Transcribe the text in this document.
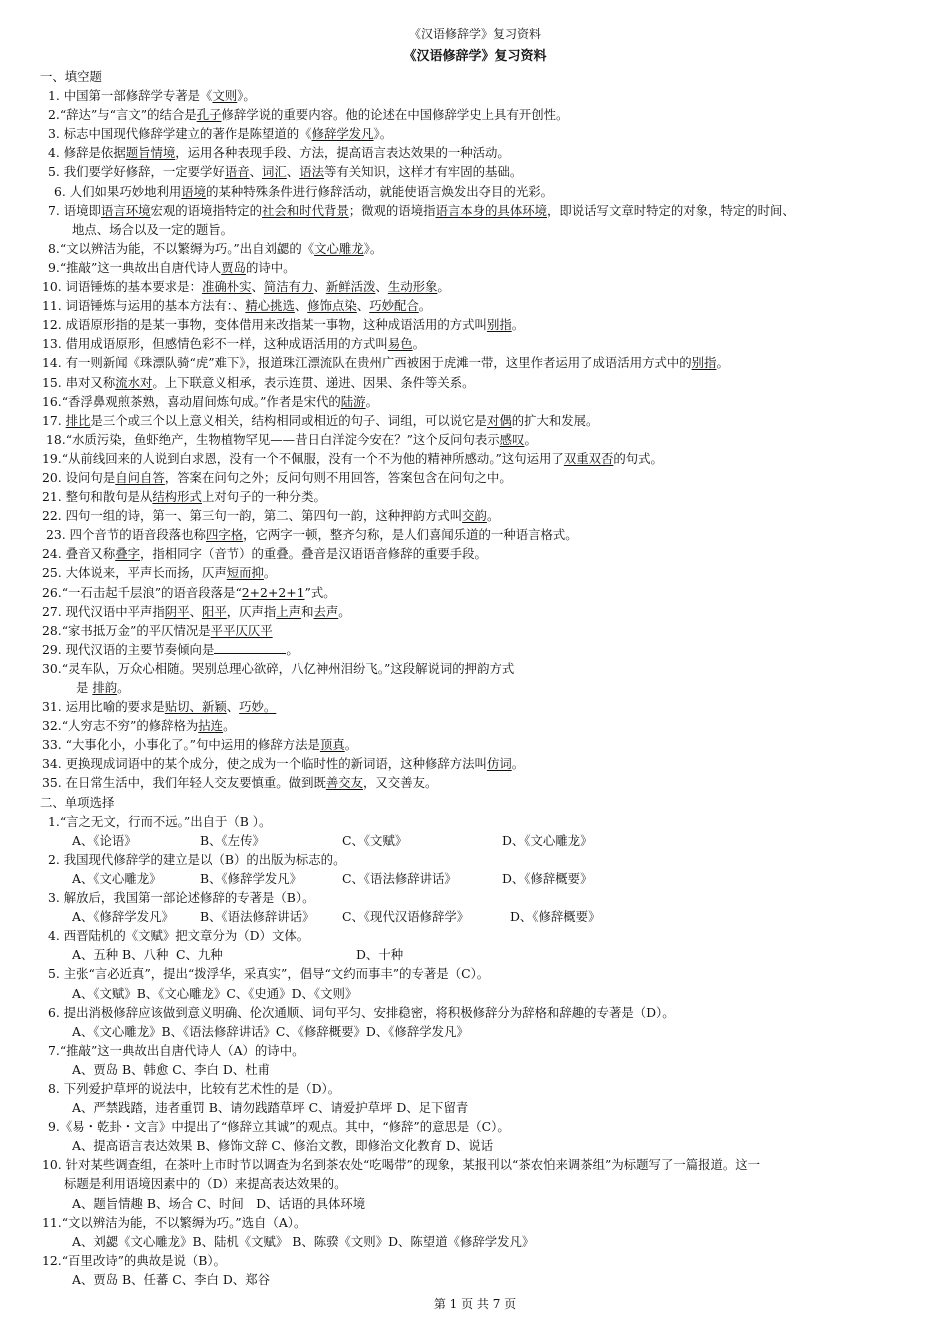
《汉语修辞学》复习资料
《汉语修辞学》复习资料
一、填空题
1. 中国第一部修辞学专著是《文则》。
2.“辞达”与“言文”的结合是孔子修辞学说的重要内容。他的论述在中国修辞学史上具有开创性。
3. 标志中国现代修辞学建立的著作是陈望道的《修辞学发凡》。
4. 修辞是依据题旨情境，运用各种表现手段、方法，提高语言表达效果的一种活动。
5. 我们要学好修辞，一定要学好语音、词汇、语法等有关知识，这样才有牢固的基础。
6. 人们如果巧妙地利用语境的某种特殊条件进行修辞活动，就能使语言焕发出夺目的光彩。
7. 语境即语言环境宏观的语境指特定的社会和时代背景；微观的语境指语言本身的具体环境，即说话写文章时特定的对象，特定的时间、
地点、场合以及一定的题旨。
8.“文以辨洁为能，不以繁缛为巧。”出自刘勰的《文心雕龙》。
9.“推敲”这一典故出自唐代诗人贾岛的诗中。
10. 词语锤炼的基本要求是：准确朴实、简洁有力、新鲜活泼、生动形象。
11. 词语锤炼与运用的基本方法有：、精心挑选、修饰点染、巧妙配合。
12. 成语原形指的是某一事物，变体借用来改指某一事物，这种成语活用的方式叫别指。
13. 借用成语原形，但感情色彩不一样，这种成语活用的方式叫易色。
14. 有一则新闻《珠漂队骑“虎”难下》，报道珠江漂流队在贵州广西被困于虎滩一带，这里作者运用了成语活用方式中的别指。
15. 串对又称流水对。上下联意义相承，表示连贯、递进、因果、条件等关系。
16.“香浮鼻观煎茶熟，喜动眉间炼句成。”作者是宋代的陆游。
17. 排比是三个或三个以上意义相关，结构相同或相近的句子、词组，可以说它是对偶的扩大和发展。
18.“水质污染，鱼虾绝产，生物植物罕见——昔日白洋淀今安在？”这个反问句表示感叹。
19.“从前线回来的人说到白求恩，没有一个不佩服，没有一个不为他的精神所感动。”这句运用了双重双否的句式。
20. 设问句是自问自答，答案在问句之外；反问句则不用回答，答案包含在问句之中。
21. 整句和散句是从结构形式上对句子的一种分类。
22. 四句一组的诗，第一、第三句一韵，第二、第四句一韵，这种押韵方式叫交韵。
23. 四个音节的语音段落也称四字格，它两字一顿，整齐匀称，是人们喜闻乐道的一种语言格式。
24. 叠音又称叠字，指相同字（音节）的重叠。叠音是汉语语音修辞的重要手段。
25. 大体说来，平声长而扬，仄声短而抑。
26.“一石击起千层浪”的语音段落是“2+2+2+1”式。
27. 现代汉语中平声指阴平、阳平，仄声指上声和去声。
28.“家书抵万金”的平仄情况是平平仄仄平
29. 现代汉语的主要节奏倾向是	。
30.“灵车队，万众心相随。哭别总理心欲碎，八亿神州泪纷飞。”这段解说词的押韵方式
是 排韵。
31. 运用比喻的要求是贴切、新颖、巧妙。
32.“人穷志不穷”的修辞格为拈连。
33. “大事化小，小事化了。”句中运用的修辞方法是顶真。
34. 更换现成词语中的某个成分，使之成为一个临时性的新词语，这种修辞方法叫仿词。
35. 在日常生活中，我们年轻人交友要慎重。做到既善交友，又交善友。
二、单项选择
1.“言之无文，行而不远。”出自于（B ）。
A、《论语》	B、《左传》	C、《文赋》	D、《文心雕龙》
2. 我国现代修辞学的建立是以（B）的出版为标志的。
A、《文心雕龙》	B、《修辞学发凡》	C、《语法修辞讲话》	D、《修辞概要》
3. 解放后，我国第一部论述修辞的专著是（B）。
A、《修辞学发凡》 B、《语法修辞讲话》 C、《现代汉语修辞学》	D、《修辞概要》
4. 西晋陆机的《文赋》把文章分为（D）文体。
A、五种 B、八种 C、九种	D、十种
5. 主张“言必近真”，提出“拨浮华，采真实”，倡导“文约而事丰”的专著是（C）。
A、《文赋》B、《文心雕龙》C、《史通》D、《文则》
6. 提出消极修辞应该做到意义明确、伦次通顺、词句平匀、安排稳密，将积极修辞分为辞格和辞趣的专著是（D）。
A、《文心雕龙》B、《语法修辞讲话》C、《修辞概要》D、《修辞学发凡》
7.“推敲”这一典故出自唐代诗人（A）的诗中。
A、贾岛 B、韩愈 C、李白 D、杜甫
8. 下列爱护草坪的说法中，比较有艺术性的是（D）。
A、严禁践踏，违者重罚 B、请勿践踏草坪 C、请爱护草坪 D、足下留青
9.《易・乾卦・文言》中提出了“修辞立其诚”的观点。其中，“修辞”的意思是（C）。
A、提高语言表达效果 B、修饰文辞 C、修治文教，即修治文化教育 D、说话
10. 针对某些调查组，在茶叶上市时节以调查为名到茶农处“吃喝带”的现象，某报刊以“茶农怕来调茶组”为标题写了一篇报道。这一
标题是利用语境因素中的（D）来提高表达效果的。
A、题旨情趣 B、场合 C、时间　D、话语的具体环境
11.“文以辨洁为能，不以繁缛为巧。”选自（A）。
A、刘勰《文心雕龙》B、陆机《文赋》 B、陈骙《文则》D、陈望道《修辞学发凡》
12.“百里改诗”的典故是说（B）。
A、贾岛 B、任蕃 C、李白 D、郑谷
第 1 页 共 7 页
